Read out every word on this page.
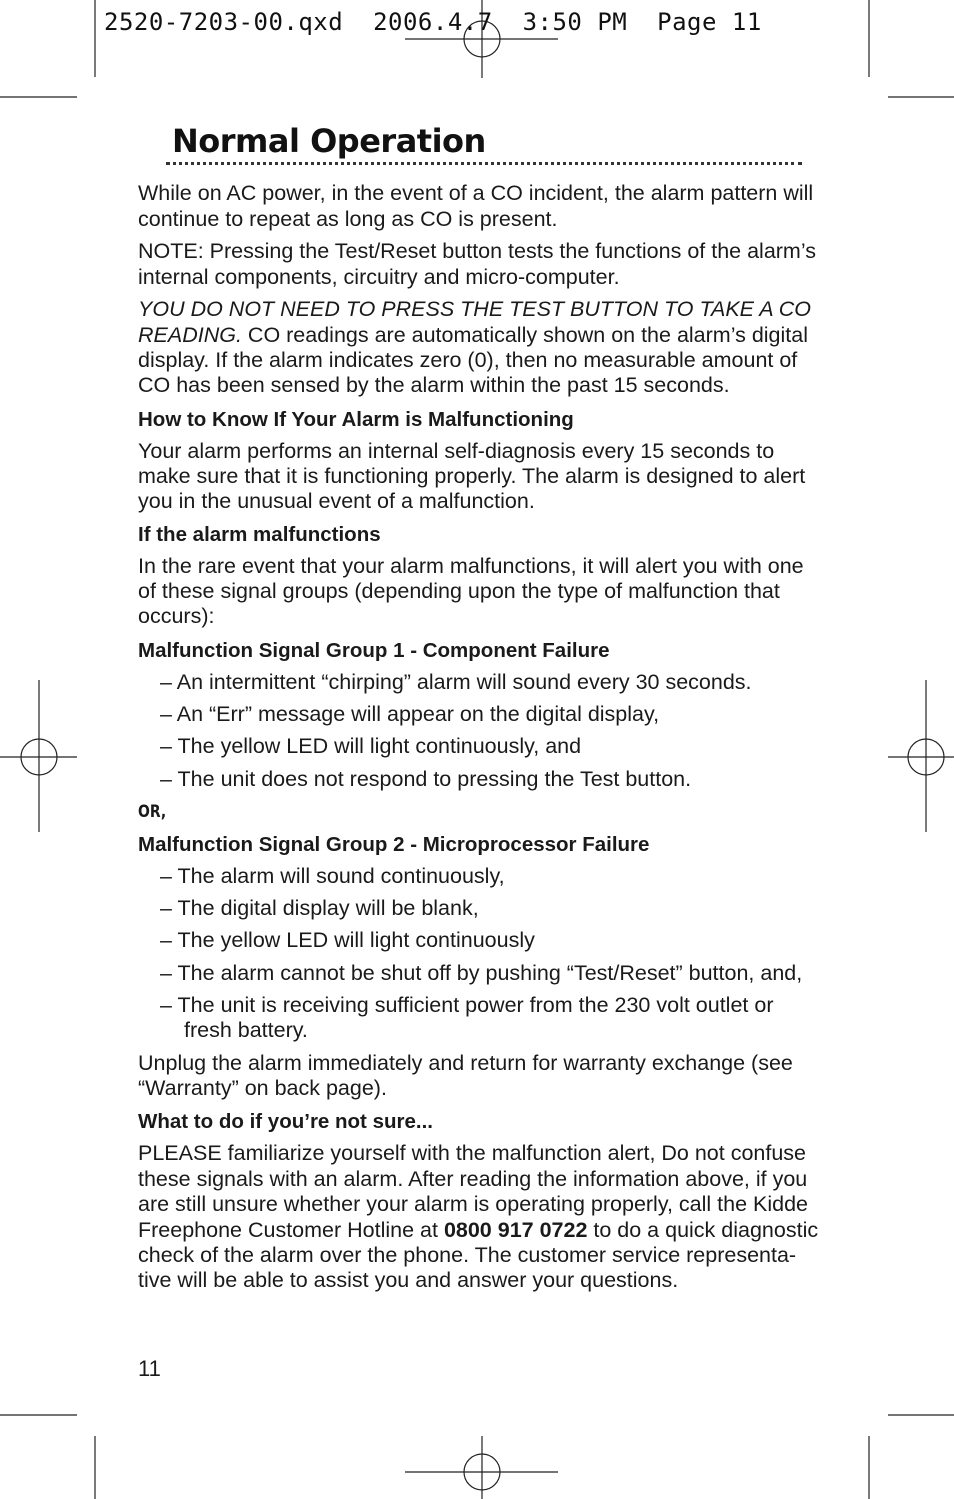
2520-7203-00.qxd  2006.4.7  3:50 PM  Page 11
Normal Operation

While on AC power, in the event of a CO incident, the alarm pattern will

continue to repeat as long as CO is present.

NOTE: Pressing the Test/Reset button tests the functions of the alarm’s

internal components, circuitry and micro-computer.

YOU DO NOT NEED TO PRESS THE TEST BUTTON TO TAKE A CO

READING. CO readings are automatically shown on the alarm’s digital

display. If the alarm indicates zero (0), then no measurable amount of

CO has been sensed by the alarm within the past 15 seconds.

How to Know If Your Alarm is Malfunctioning

Your alarm performs an internal self-diagnosis every 15 seconds to

make sure that it is functioning properly. The alarm is designed to alert

you in the unusual event of a malfunction.

If the alarm malfunctions

In the rare event that your alarm malfunctions, it will alert you with one

of these signal groups (depending upon the type of malfunction that

occurs):

Malfunction Signal Group 1 - Component Failure

– An intermittent “chirping” alarm will sound every 30 seconds.

– An “Err” message will appear on the digital display,

– The yellow LED will light continuously, and

– The unit does not respond to pressing the Test button.

OR,

Malfunction Signal Group 2 - Microprocessor Failure

– The alarm will sound continuously,

– The digital display will be blank,

– The yellow LED will light continuously

– The alarm cannot be shut off by pushing “Test/Reset” button, and,

– The unit is receiving sufficient power from the 230 volt outlet or

fresh battery.

Unplug the alarm immediately and return for warranty exchange (see

“Warranty” on back page).

What to do if you’re not sure...

PLEASE familiarize yourself with the malfunction alert, Do not confuse

these signals with an alarm. After reading the information above, if you

are still unsure whether your alarm is operating properly, call the Kidde

Freephone Customer Hotline at 0800 917 0722 to do a quick diagnostic

check of the alarm over the phone. The customer service representa-

tive will be able to assist you and answer your questions.

11
